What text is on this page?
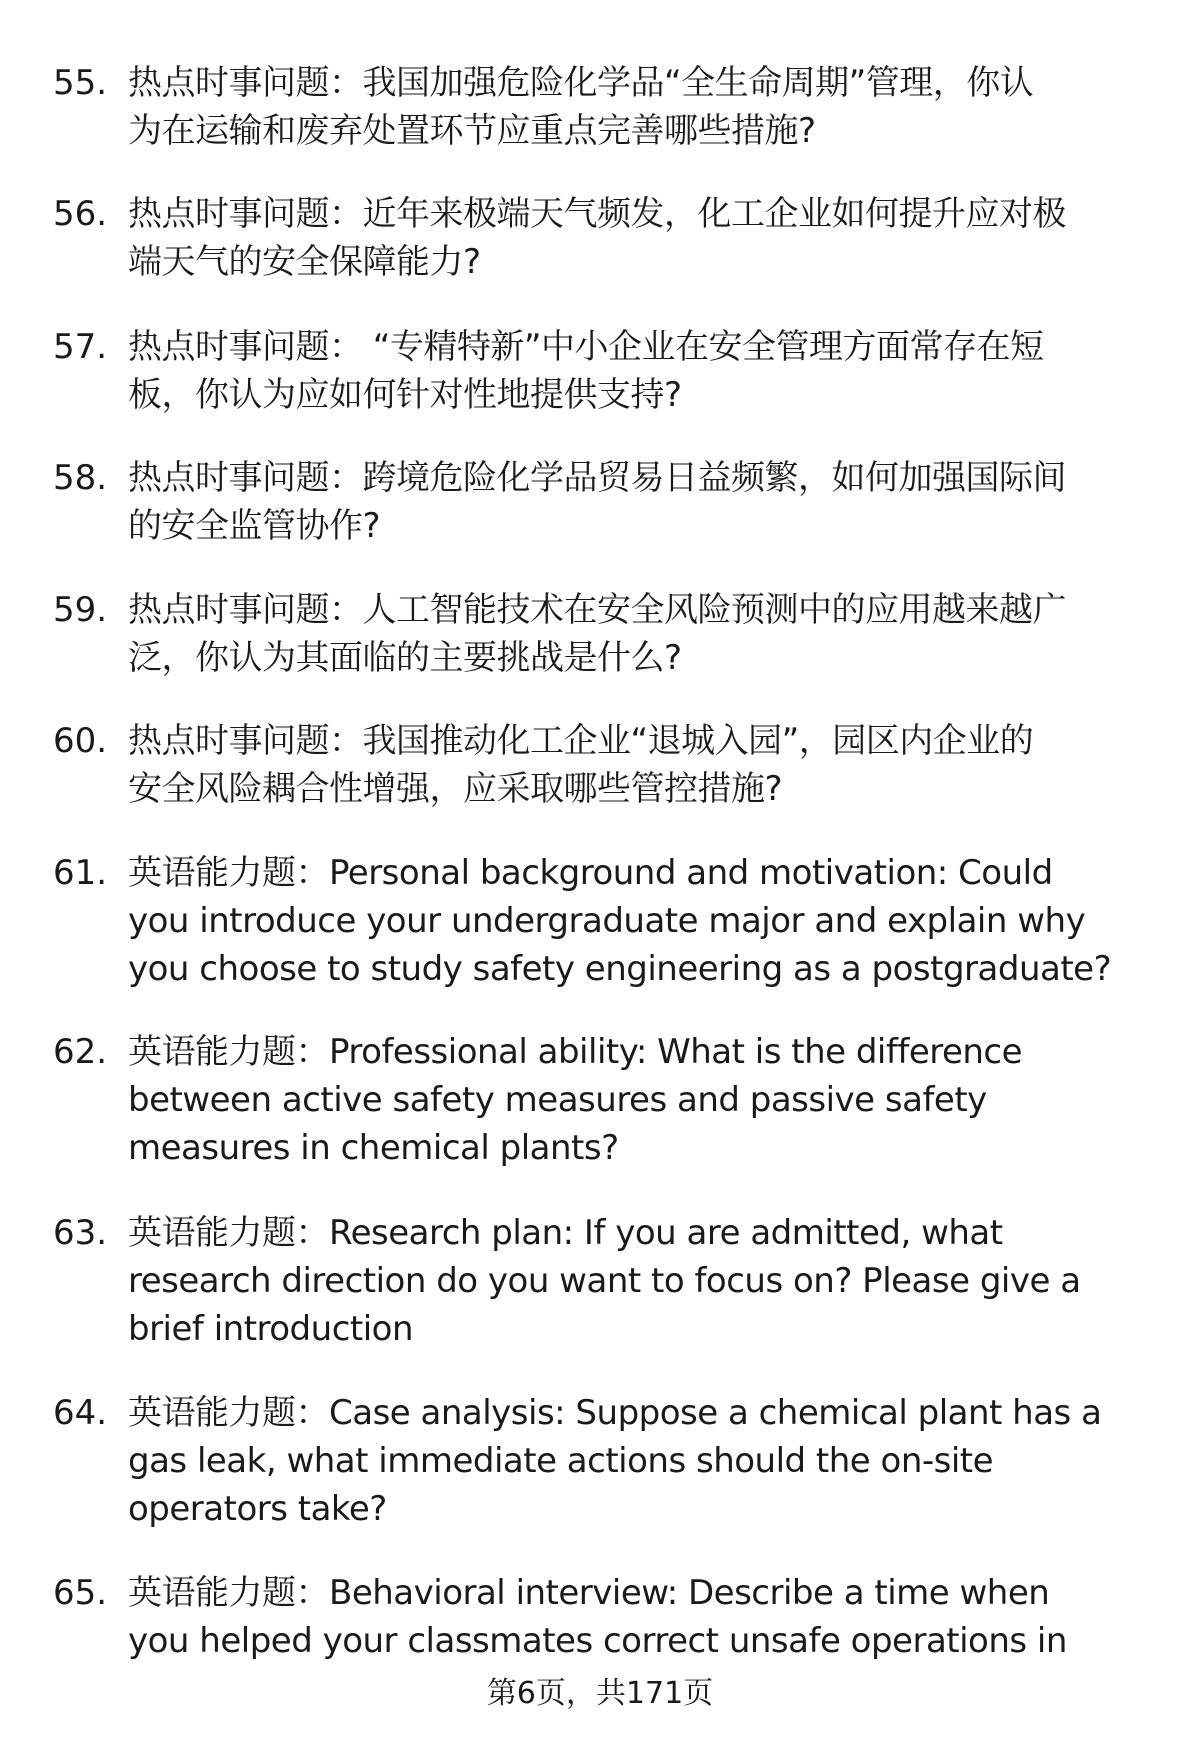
55. 热点时事问题：我国加强危险化学品“全生命周期”管理，你认
为在运输和废弃处置环节应重点完善哪些措施?
56. 热点时事问题：近年来极端天气频发，化工企业如何提升应对极
端天气的安全保障能力?
57. 热点时事问题： “专精特新”中小企业在安全管理方面常存在短
板，你认为应如何针对性地提供支持?
58. 热点时事问题：跨境危险化学品贸易日益频繁，如何加强国际间
的安全监管协作?
59. 热点时事问题：人工智能技术在安全风险预测中的应用越来越广
泛，你认为其面临的主要挑战是什么?
60. 热点时事问题：我国推动化工企业“退城入园”，园区内企业的
安全风险耦合性增强，应采取哪些管控措施?
61. 英语能力题：Personal background and motivation: Could
you introduce your undergraduate major and explain why
you choose to study safety engineering as a postgraduate?
62. 英语能力题：Professional ability: What is the difference
between active safety measures and passive safety
measures in chemical plants?
63. 英语能力题：Research plan: If you are admitted, what
research direction do you want to focus on? Please give a
brief introduction
64. 英语能力题：Case analysis: Suppose a chemical plant has a
gas leak, what immediate actions should the on-site
operators take?
65. 英语能力题：Behavioral interview: Describe a time when
you helped your classmates correct unsafe operations in
第6页，共171页
